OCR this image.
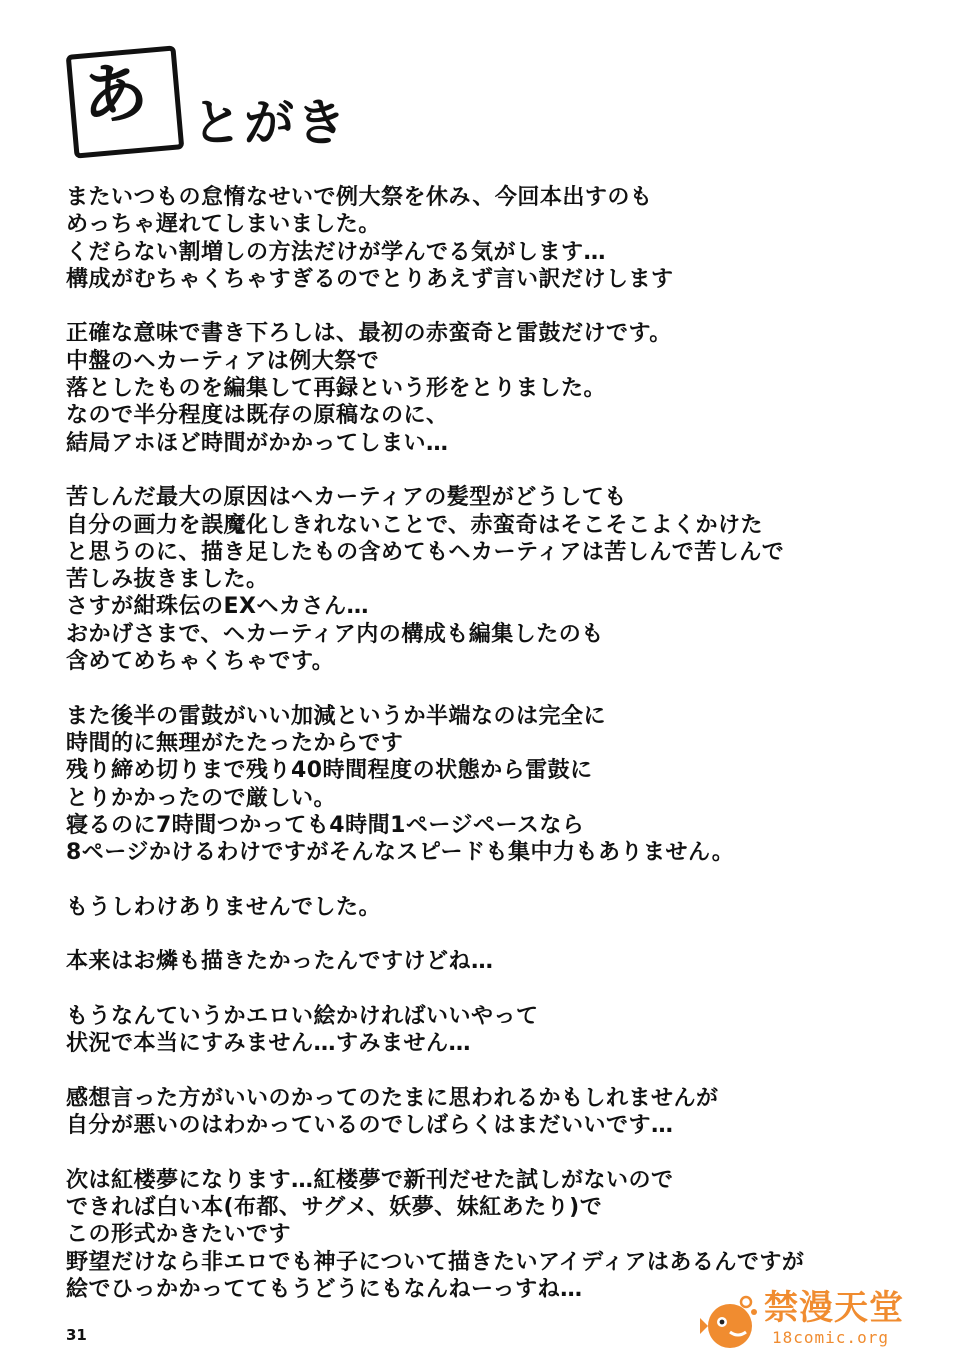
あ とがき
またいつもの怠惰なせいで例大祭を休み、今回本出すのも
めっちゃ遅れてしまいました。
くだらない割増しの方法だけが学んでる気がします…
構成がむちゃくちゃすぎるのでとりあえず言い訳だけします
正確な意味で書き下ろしは、最初の赤蛮奇と雷鼓だけです。
中盤のヘカーティアは例大祭で
落としたものを編集して再録という形をとりました。
なので半分程度は既存の原稿なのに、
結局アホほど時間がかかってしまい…
苦しんだ最大の原因はヘカーティアの髪型がどうしても
自分の画力を誤魔化しきれないことで、赤蛮奇はそこそこよくかけた
と思うのに、描き足したもの含めてもヘカーティアは苦しんで苦しんで
苦しみ抜きました。
さすが紺珠伝のEXヘカさん…
おかげさまで、ヘカーティア内の構成も編集したのも
含めてめちゃくちゃです。
また後半の雷鼓がいい加減というか半端なのは完全に
時間的に無理がたたったからです
残り締め切りまで残り40時間程度の状態から雷鼓に
とりかかったので厳しい。
寝るのに7時間つかっても4時間1ページペースなら
8ページかけるわけですがそんなスピードも集中力もありません。
もうしわけありませんでした。
本来はお燐も描きたかったんですけどね…
もうなんていうかエロい絵かければいいやって
状況で本当にすみません…すみません…
感想言った方がいいのかってのたまに思われるかもしれませんが
自分が悪いのはわかっているのでしばらくはまだいいです…
次は紅楼夢になります…紅楼夢で新刊だせた試しがないので
できれば白い本(布都、サグメ、妖夢、妹紅あたり)で
この形式かきたいです
野望だけなら非エロでも神子について描きたいアイディアはあるんですが
絵でひっかかっててもうどうにもなんねーっすね…
31
禁漫天堂
18comic.org
